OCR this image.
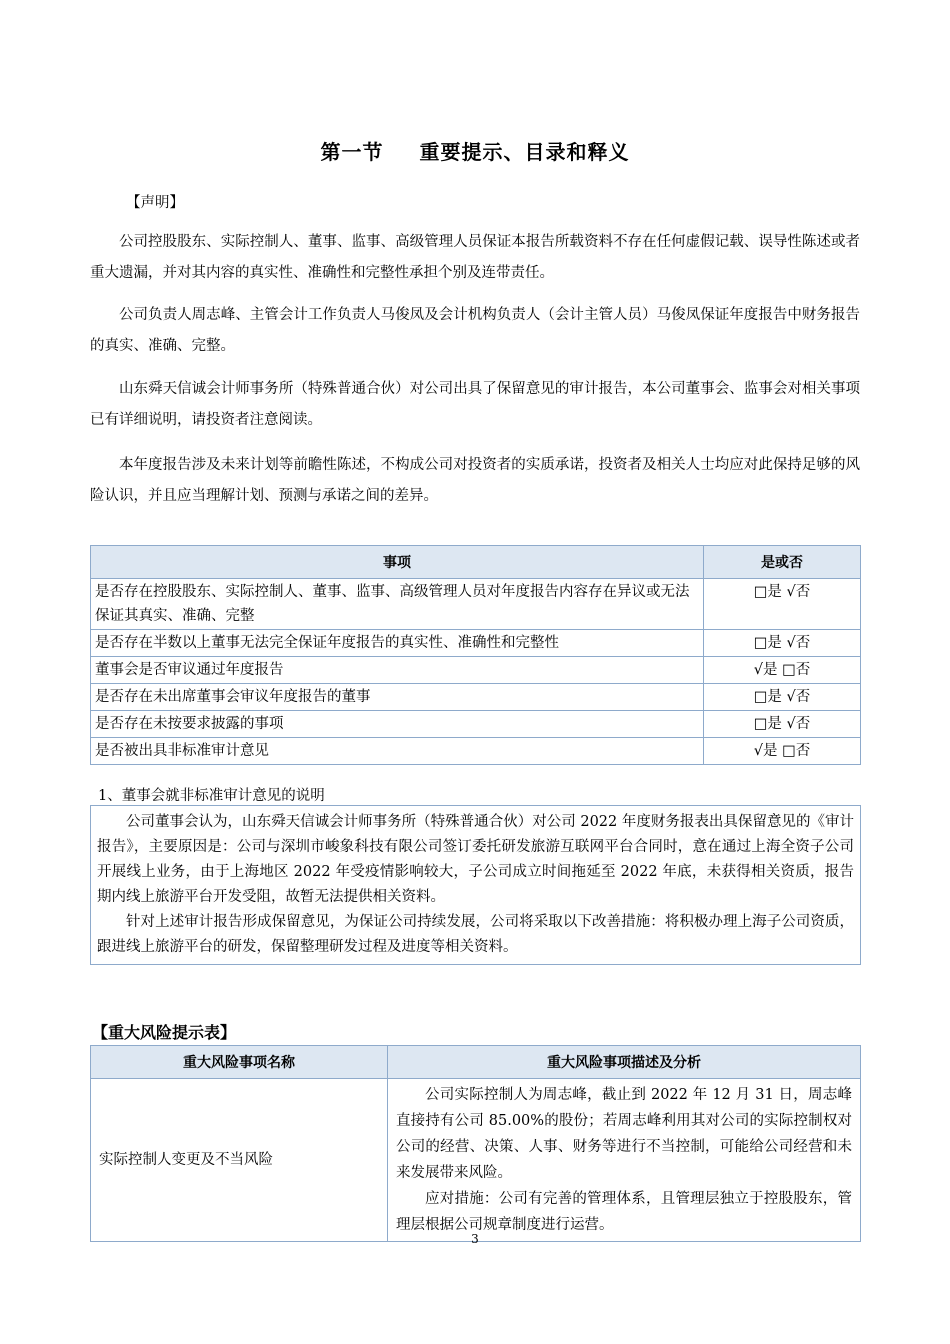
第一节 重要提示、目录和释义

【声明】

公司控股股东、实际控制人、董事、监事、高级管理人员保证本报告所载资料不存在任何虚假记载、误导性陈述或者重大遗漏，并对其内容的真实性、准确性和完整性承担个别及连带责任。

公司负责人周志峰、主管会计工作负责人马俊凤及会计机构负责人（会计主管人员）马俊凤保证年度报告中财务报告的真实、准确、完整。

山东舜天信诚会计师事务所（特殊普通合伙）对公司出具了保留意见的审计报告，本公司董事会、监事会对相关事项已有详细说明，请投资者注意阅读。

本年度报告涉及未来计划等前瞻性陈述，不构成公司对投资者的实质承诺，投资者及相关人士均应对此保持足够的风险认识，并且应当理解计划、预测与承诺之间的差异。

事项	是或否
是否存在控股股东、实际控制人、董事、监事、高级管理人员对年度报告内容存在异议或无法保证其真实、准确、完整	□是 √否
是否存在半数以上董事无法完全保证年度报告的真实性、准确性和完整性	□是 √否
董事会是否审议通过年度报告	√是 □否
是否存在未出席董事会审议年度报告的董事	□是 √否
是否存在未按要求披露的事项	□是 √否
是否被出具非标准审计意见	√是 □否
1、董事会就非标准审计意见的说明

公司董事会认为，山东舜天信诚会计师事务所（特殊普通合伙）对公司 2022 年度财务报表出具保留意见的《审计报告》，主要原因是：公司与深圳市峻象科技有限公司签订委托研发旅游互联网平台合同时，意在通过上海全资子公司开展线上业务，由于上海地区 2022 年受疫情影响较大，子公司成立时间拖延至 2022 年底，未获得相关资质，报告期内线上旅游平台开发受阻，故暂无法提供相关资料。

针对上述审计报告形成保留意见，为保证公司持续发展，公司将采取以下改善措施：将积极办理上海子公司资质，跟进线上旅游平台的研发，保留整理研发过程及进度等相关资料。

【重大风险提示表】
重大风险事项名称	重大风险事项描述及分析
实际控制人变更及不当风险	公司实际控制人为周志峰，截止到 2022 年 12 月 31 日，周志峰直接持有公司 85.00%的股份；若周志峰利用其对公司的实际控制权对公司的经营、决策、人事、财务等进行不当控制，可能给公司经营和未来发展带来风险。

应对措施：公司有完善的管理体系，且管理层独立于控股股东，管理层根据公司规章制度进行运营。

3
